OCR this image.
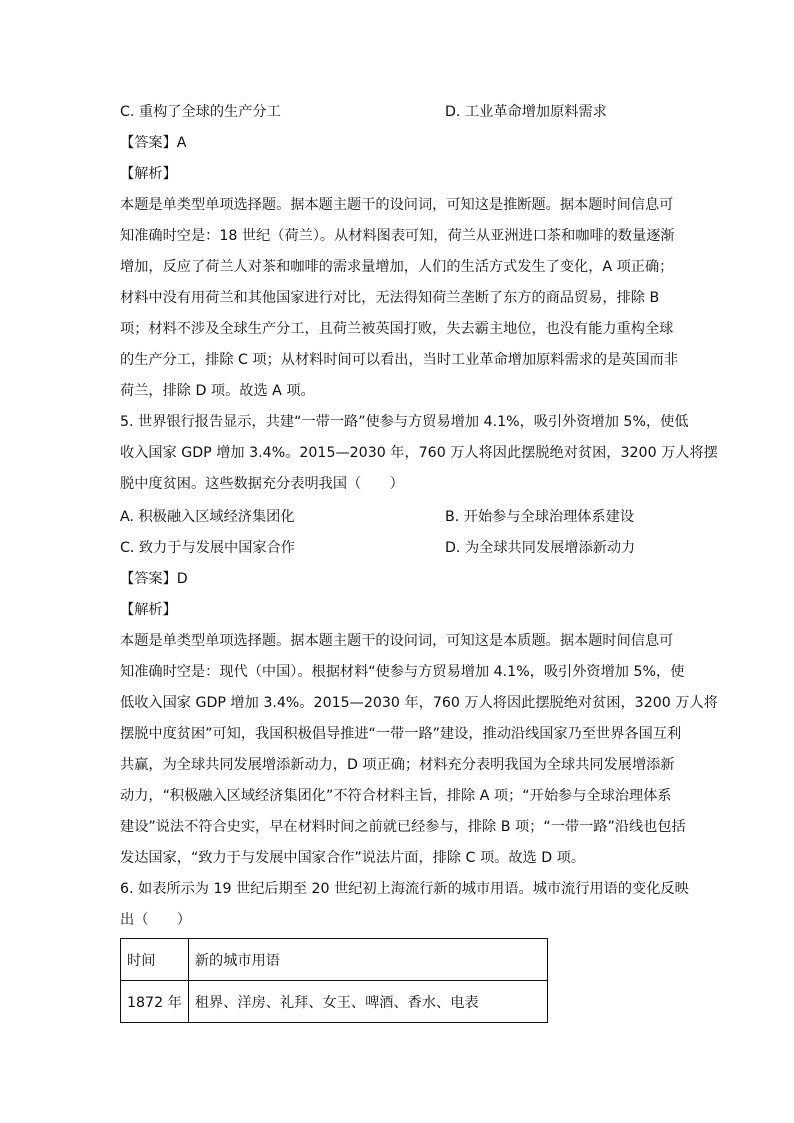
C. 重构了全球的生产分工	D. 工业革命增加原料需求
【答案】A
【解析】
本题是单类型单项选择题。据本题主题干的设问词，可知这是推断题。据本题时间信息可
知准确时空是：18 世纪（荷兰）。从材料图表可知，荷兰从亚洲进口茶和咖啡的数量逐渐
增加，反应了荷兰人对茶和咖啡的需求量增加，人们的生活方式发生了变化，A 项正确；
材料中没有用荷兰和其他国家进行对比，无法得知荷兰垄断了东方的商品贸易，排除 B
项；材料不涉及全球生产分工，且荷兰被英国打败，失去霸主地位，也没有能力重构全球
的生产分工，排除 C 项；从材料时间可以看出，当时工业革命增加原料需求的是英国而非
荷兰，排除 D 项。故选 A 项。
5. 世界银行报告显示，共建“一带一路”使参与方贸易增加 4.1%，吸引外资增加 5%，使低
收入国家 GDP 增加 3.4%。2015—2030 年，760 万人将因此摆脱绝对贫困，3200 万人将摆
脱中度贫困。这些数据充分表明我国（　　）
A. 积极融入区域经济集团化	B. 开始参与全球治理体系建设
C. 致力于与发展中国家合作	D. 为全球共同发展增添新动力
【答案】D
【解析】
本题是单类型单项选择题。据本题主题干的设问词，可知这是本质题。据本题时间信息可
知准确时空是：现代（中国）。根据材料“使参与方贸易增加 4.1%，吸引外资增加 5%，使
低收入国家 GDP 增加 3.4%。2015—2030 年，760 万人将因此摆脱绝对贫困，3200 万人将
摆脱中度贫困”可知，我国积极倡导推进“一带一路”建设，推动沿线国家乃至世界各国互利
共赢，为全球共同发展增添新动力，D 项正确；材料充分表明我国为全球共同发展增添新
动力，“积极融入区域经济集团化”不符合材料主旨，排除 A 项；“开始参与全球治理体系
建设”说法不符合史实，早在材料时间之前就已经参与，排除 B 项；“一带一路”沿线也包括
发达国家，“致力于与发展中国家合作”说法片面，排除 C 项。故选 D 项。
6. 如表所示为 19 世纪后期至 20 世纪初上海流行新的城市用语。城市流行用语的变化反映
出（　　）
时间	新的城市用语
1872 年	租界、洋房、礼拜、女王、啤酒、香水、电表
